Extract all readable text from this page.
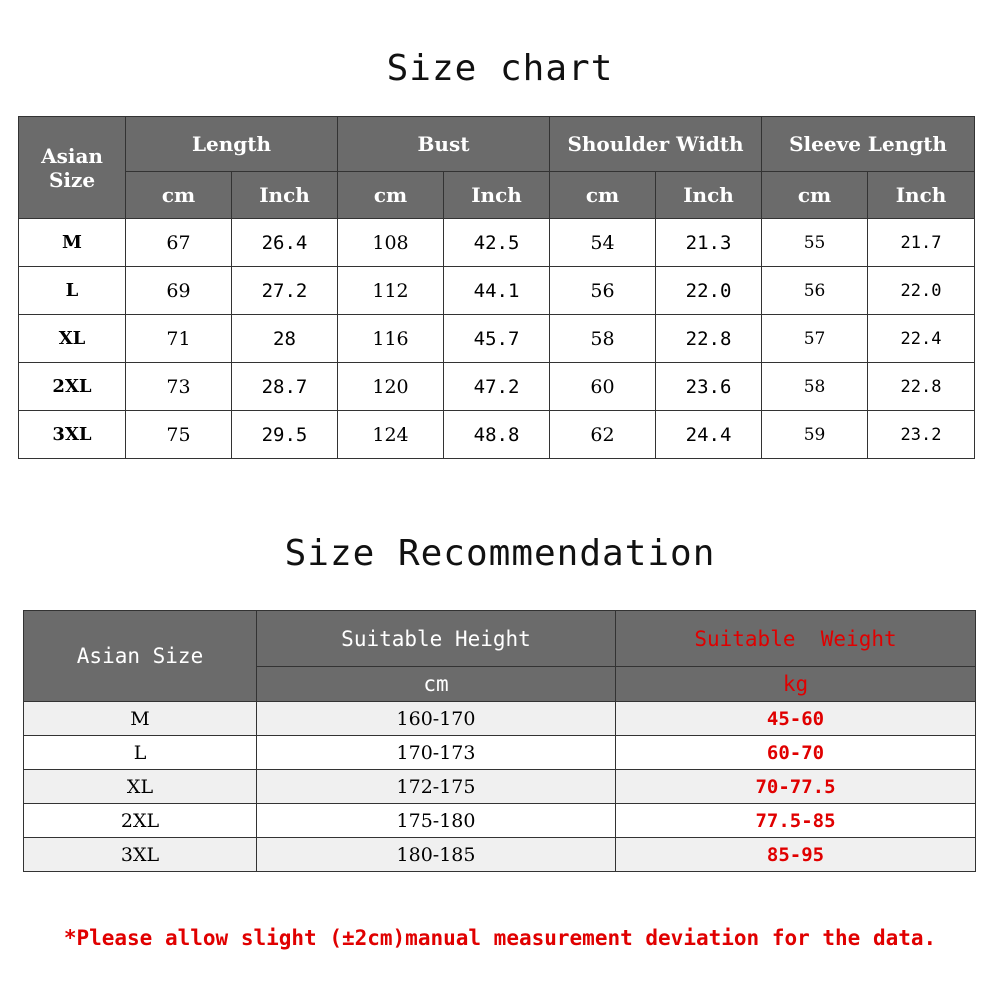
Size chart
Asian Size	Length		Bust		Shoulder Width		Sleeve Length	
	cm	Inch	cm	Inch	cm	Inch	cm	Inch
M	67	26.4	108	42.5	54	21.3	55	21.7
L	69	27.2	112	44.1	56	22.0	56	22.0
XL	71	28	116	45.7	58	22.8	57	22.4
2XL	73	28.7	120	47.2	60	23.6	58	22.8
3XL	75	29.5	124	48.8	62	24.4	59	23.2
Size Recommendation
Asian Size	Suitable Height	Suitable  Weight
	cm	kg
M	160-170	45-60
L	170-173	60-70
XL	172-175	70-77.5
2XL	175-180	77.5-85
3XL	180-185	85-95
*Please allow slight (±2cm)manual measurement deviation for the data.
